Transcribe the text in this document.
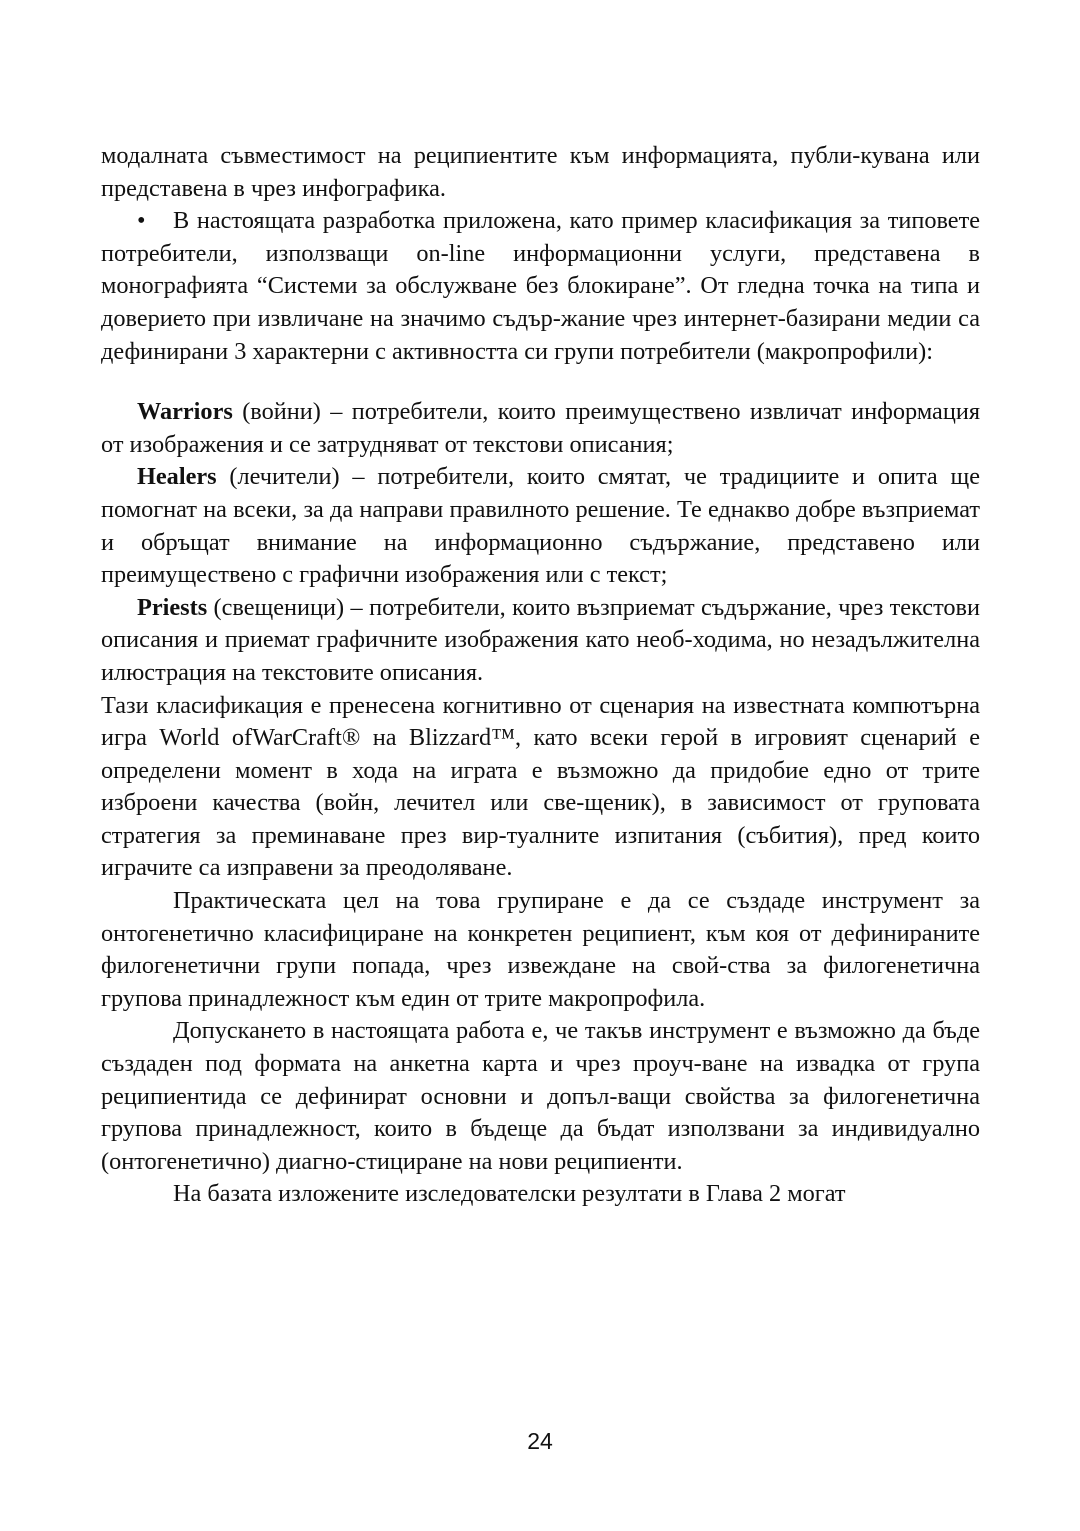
модалната съвместимост на реципиентите към информацията, публи-кувана или представена в чрез инфографика.

• В настоящата разработка приложена, като пример класификация за типовете потребители, използващи on-line информационни услуги, представена в монографията “Системи за обслужване без блокиране”. От гледна точка на типа и доверието при извличане на значимо съдър-жание чрез интернет-базирани медии са дефинирани 3 характерни с активността си групи потребители (макропрофили):

Warriors (войни) – потребители, които преимуществено извличат информация от изображения и се затрудняват от текстови описания;

Healers (лечители) – потребители, които смятат, че традициите и опита ще помогнат на всеки, за да направи правилното решение. Те еднакво добре възприемат и обръщат внимание на информационно съдържание, представено или преимуществено с графични изображения или с текст;

Priests (свещеници) – потребители, които възприемат съдържание, чрез текстови описания и приемат графичните изображения като необ-ходима, но незадължителна илюстрация на текстовите описания.

Тази класификация е пренесена когнитивно от сценария на известната компютърна игра World ofWarCraft® на Blizzard™, като всеки герой в игровият сценарий е определени момент в хода на играта е възможно да придобие едно от трите изброени качества (войн, лечител или све-щеник), в зависимост от груповата стратегия за преминаване през вир-туалните изпитания (събития), пред които играчите са изправени за преодоляване.

Практическата цел на това групиране е да се създаде инструмент за онтогенетично класифициране на конкретен реципиент, към коя от дефинираните филогенетични групи попада, чрез извеждане на свой-ства за филогенетична групова принадлежност към един от трите макропрофила.

Допускането в настоящата работа е, че такъв инструмент е възможно да бъде създаден под формата на анкетна карта и чрез проуч-ване на извадка от група реципиентида се дефинират основни и допъл-ващи свойства за филогенетична групова принадлежност, които в бъдеще да бъдат използвани за индивидуално (онтогенетично) диагно-стициране на нови реципиенти.

На базата изложените изследователски резултати в Глава 2 могат

24
